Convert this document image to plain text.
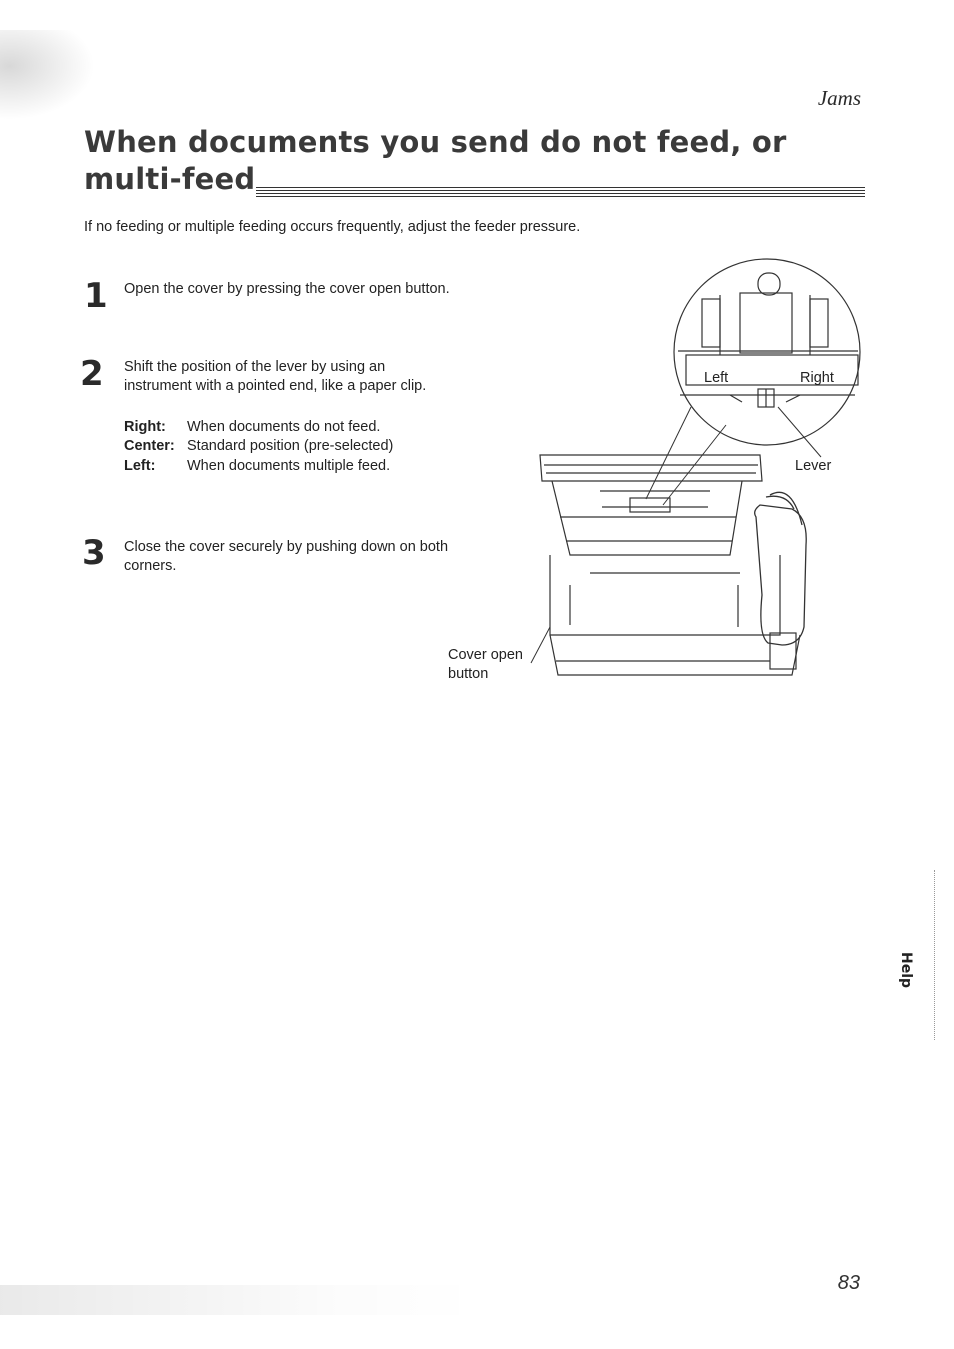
Jams
When documents you send do not feed, or
multi-feed
If no feeding or multiple feeding occurs frequently, adjust the feeder pressure.
1 Open the cover by pressing the cover open button.
2 Shift the position of the lever by using an
instrument with a pointed end, like a paper clip.
Right: When documents do not feed.
Center: Standard position (pre-selected)
Left: When documents multiple feed.
3 Close the cover securely by pushing down on both
corners.
Left	Right
Lever
Cover open
button
Help
83
